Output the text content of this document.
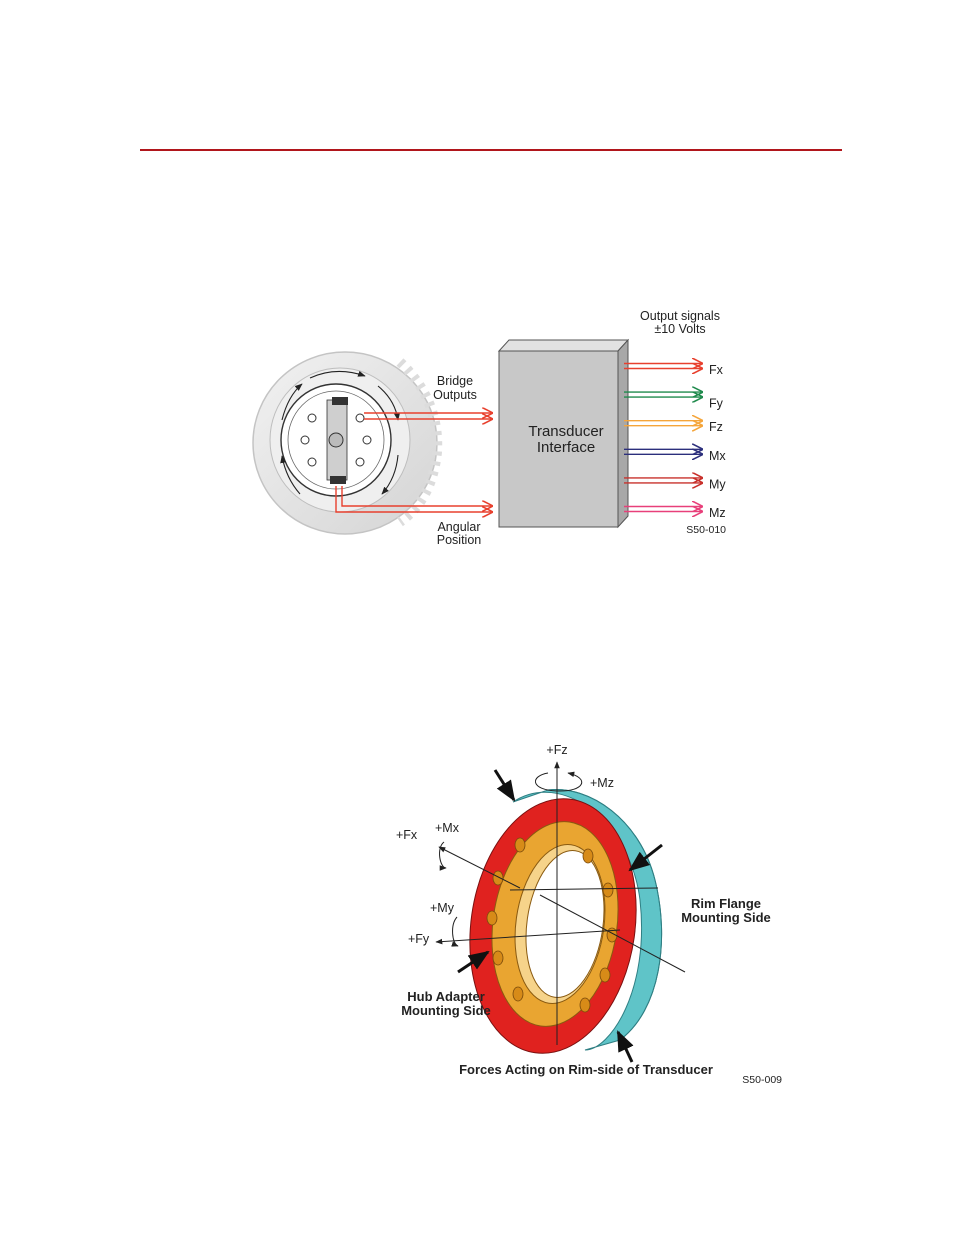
Bridge
Outputs
Angular
Position
Transducer
Interface
Output signals
±10 Volts
Fx
Fy
Fz
Mx
My
Mz
S50-010
+Fz
+Mz
+Fx +Mx
+My
+Fy
Rim Flange
Mounting Side
Hub Adapter
Mounting Side
Forces Acting on Rim-side of Transducer
S50-009
